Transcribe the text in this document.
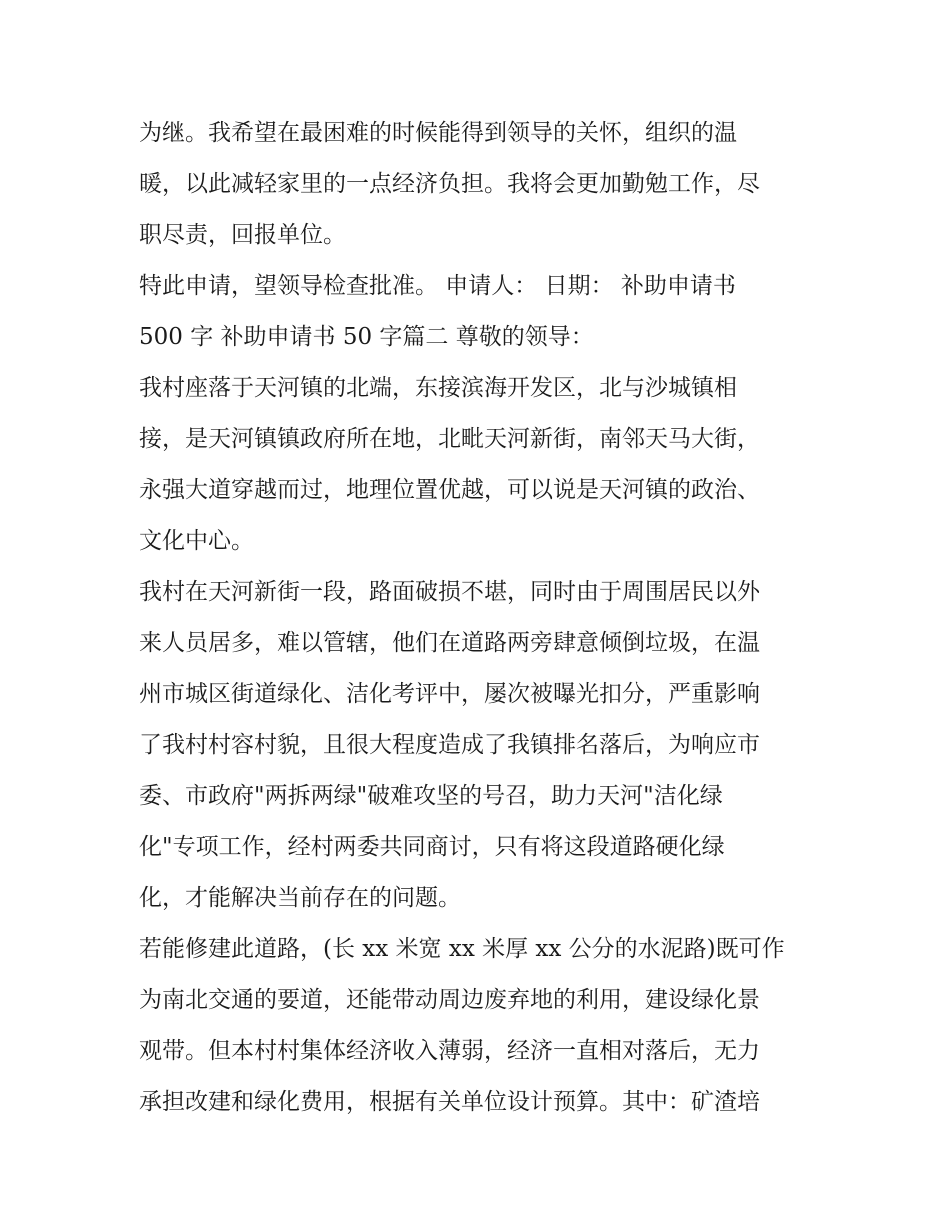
为继。我希望在最困难的时候能得到领导的关怀，组织的温

暖，以此减轻家里的一点经济负担。我将会更加勤勉工作，尽

职尽责，回报单位。

特此申请，望领导检查批准。 申请人： 日期： 补助申请书

500 字 补助申请书 50 字篇二 尊敬的领导：

我村座落于天河镇的北端，东接滨海开发区，北与沙城镇相

接，是天河镇镇政府所在地，北毗天河新街，南邻天马大街，

永强大道穿越而过，地理位置优越，可以说是天河镇的政治、

文化中心。

我村在天河新街一段，路面破损不堪，同时由于周围居民以外

来人员居多，难以管辖，他们在道路两旁肆意倾倒垃圾，在温

州市城区街道绿化、洁化考评中，屡次被曝光扣分，严重影响

了我村村容村貌，且很大程度造成了我镇排名落后，为响应市

委、市政府"两拆两绿"破难攻坚的号召，助力天河"洁化绿

化"专项工作，经村两委共同商讨，只有将这段道路硬化绿

化，才能解决当前存在的问题。

若能修建此道路，(长 xx 米宽 xx 米厚 xx 公分的水泥路)既可作

为南北交通的要道，还能带动周边废弃地的利用，建设绿化景

观带。但本村村集体经济收入薄弱，经济一直相对落后，无力

承担改建和绿化费用，根据有关单位设计预算。其中：矿渣培
